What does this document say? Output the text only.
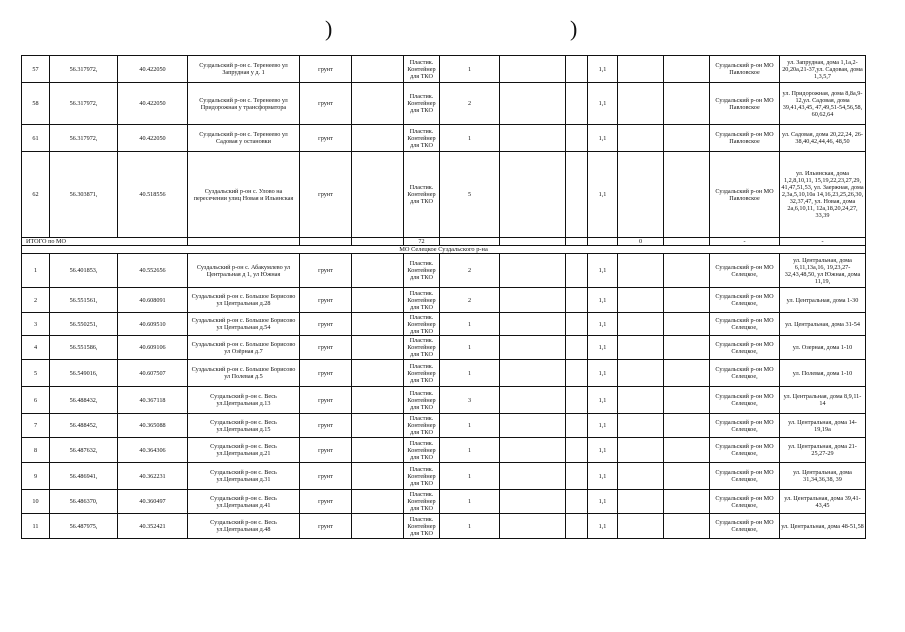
)	)
57	56.317972,	40.422050	Суздальский р-он с. Теренеево ул Запрудная у д. 1	грунт		Пластик. Контейнер для ТКО	1			1,1			Суздальский р-он МО Павловское	ул. Запрудная, дома 1,1а,2-20,20а,21-37,ул. Садовая, дома 1,3,5,7
58	56.317972,	40.422050	Суздальский р-он с. Теренеево ул Придорожная у трансформатора	грунт		Пластик. Контейнер для ТКО	2			1,1			Суздальский р-он МО Павловское	ул. Придорожная, дома 8,8а,9-12,ул. Садовая, дома 39,41,43,45, 47,49,51-54,56,58, 60,62,64
61	56.317972,	40.422050	Суздальский р-он с. Теренеево ул Садовая у остановки	грунт		Пластик. Контейнер для ТКО	1			1,1			Суздальский р-он МО Павловское	ул. Садовая, дома 20,22,24, 26-38,40,42,44,46, 48,50
62	56.303871,	40.518556	Суздальский р-он с. Улово на пересечении улиц Новая и Ильинская	грунт		Пластик. Контейнер для ТКО	5			1,1			Суздальский р-он МО Павловское	ул. Ильинская, дома 1,2,8,10,11, 15,19,22,23,27,29, 41,47,51,53, ул. Заержная, дома 2,3а,5,10,10а 14,16,23,25,26,30, 32,37,47, ул. Новая, дома 2а,6,10,11, 12а,18,20,24,27, 33,39
ИТОГО по МО						72					0		-	-
МО Селецкое Суздальского р-на														
1	56.401853,	40.552656	Суздальский р-он с. Абакумлево ул Центральная д 1, ул Южная	грунт		Пластик. Контейнер для ТКО	2			1,1			Суздальский р-он МО Селецкое,	ул. Центральная, дома 6,11,13а,16, 19,23,27-32,43,48,50, ул Южная, дома 11,19,
2	56.551561,	40.608091	Суздальский р-он с. Большое Борисово ул Центральная д.28	грунт		Пластик. Контейнер для ТКО	2			1,1			Суздальский р-он МО Селецкое,	ул. Центральная, дома 1-30
3	56.550251,	40.609510	Суздальский р-он с. Большое Борисово ул Центральная д.54	грунт		Пластик. Контейнер для ТКО	1			1,1			Суздальский р-он МО Селецкое,	ул. Центральная, дома 31-54
4	56.551586,	40.609106	Суздальский р-он с. Большое Борисово ул Озёрная д.7	грунт		Пластик. Контейнер для ТКО	1			1,1			Суздальский р-он МО Селецкое,	ул. Озерная, дома 1-10
5	56.549016,	40.607507	Суздальский р-он с. Большое Борисово ул Полевая д.5	грунт		Пластик. Контейнер для ТКО	1			1,1			Суздальский р-он МО Селецкое,	ул. Полевая, дома 1-10
6	56.488432,	40.367118	Суздальский р-он с. Весь ул.Центральная д.13	грунт		Пластик. Контейнер для ТКО	3			1,1			Суздальский р-он МО Селецкое,	ул. Центральная, дома 8,9,11-14
7	56.488452,	40.365088	Суздальский р-он с. Весь ул.Центральная д.15	грунт		Пластик. Контейнер для ТКО	1			1,1			Суздальский р-он МО Селецкое,	ул. Центральная, дома 14-19,19а
8	56.487632,	40.364306	Суздальский р-он с. Весь ул.Центральная д.21	грунт		Пластик. Контейнер для ТКО	1			1,1			Суздальский р-он МО Селецкое,	ул. Центральная, дома 21-25,27-29
9	56.486941,	40.362231	Суздальский р-он с. Весь ул.Центральная д.31	грунт		Пластик. Контейнер для ТКО	1			1,1			Суздальский р-он МО Селецкое,	ул. Центральная, дома 31,34,36,38, 39
10	56.486370,	40.360497	Суздальский р-он с. Весь ул.Центральная д.41	грунт		Пластик. Контейнер для ТКО	1			1,1			Суздальский р-он МО Селецкое,	ул. Центральная, дома 39,41-43,45
11	56.487975,	40.352421	Суздальский р-он с. Весь ул.Центральная д.48	грунт		Пластик. Контейнер для ТКО	1			1,1			Суздальский р-он МО Селецкое,	ул. Центральная, дома 48-51,58
